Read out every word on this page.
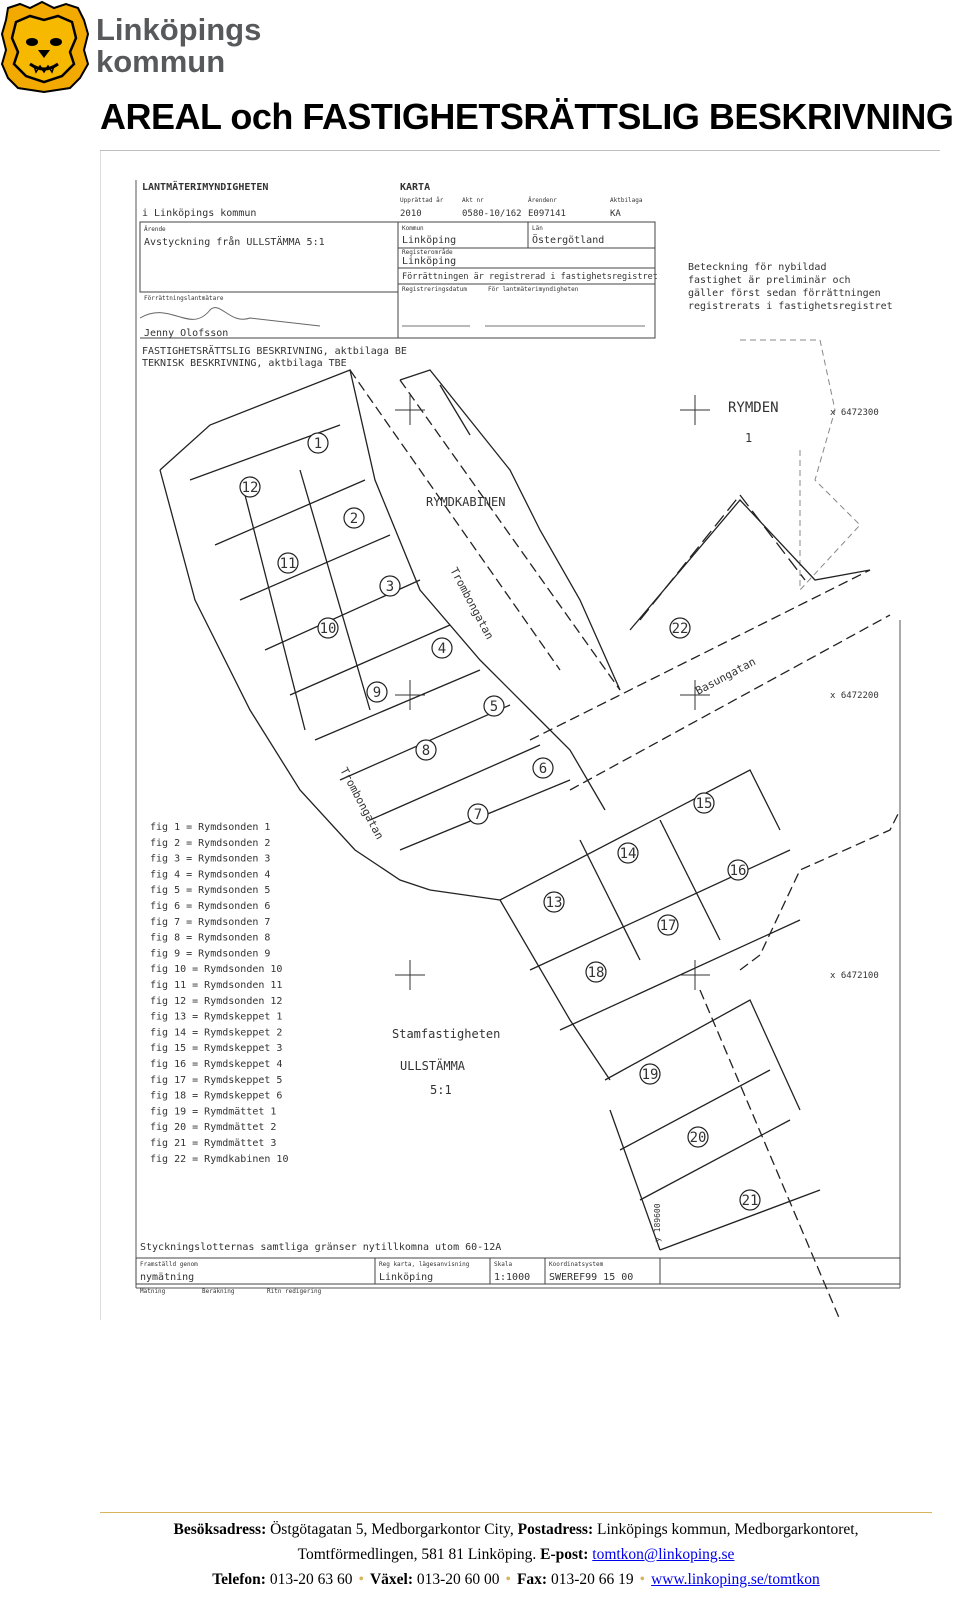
Linköpings
kommun
AREAL och FASTIGHETSRÄTTSLIG BESKRIVNING
LANTMÄTERIMYNDIGHETEN
i Linköpings kommun
Ärende
Avstyckning från ULLSTÄMMA 5:1
Förrättningslantmätare
Jenny Olofsson
KARTA
Upprättad år	Akt nr	Ärendenr	Aktbilaga
2010	0580-10/162 E097141	KA
Kommun
Linköping
Län
Östergötland
Registerområde
Linköping
Förrättningen är registrerad i fastighetsregistret
Registreringsdatum	För lantmäterimyndigheten
Beteckning för nybildad
fastighet är preliminär och
gäller först sedan förrättningen
registrerats i fastighetsregistret
FASTIGHETSRÄTTSLIG BESKRIVNING, aktbilaga BE
TEKNISK BESKRIVNING, aktbilaga TBE
1
2
3
4
5
6
7
8
9
10
11
12
13
14
15
16
17
18
19
20
21
22
RYMDEN
1
RYMDKABINEN
Trombongatan
Trombongatan
Basungatan
Stamfastigheten
ULLSTÄMMA
5:1
x 6472300
x 6472200
x 6472100
y 189600
fig 1 = Rymdsonden 1
fig 2 = Rymdsonden 2
fig 3 = Rymdsonden 3
fig 4 = Rymdsonden 4
fig 5 = Rymdsonden 5
fig 6 = Rymdsonden 6
fig 7 = Rymdsonden 7
fig 8 = Rymdsonden 8
fig 9 = Rymdsonden 9
fig 10 = Rymdsonden 10
fig 11 = Rymdsonden 11
fig 12 = Rymdsonden 12
fig 13 = Rymdskeppet 1
fig 14 = Rymdskeppet 2
fig 15 = Rymdskeppet 3
fig 16 = Rymdskeppet 4
fig 17 = Rymdskeppet 5
fig 18 = Rymdskeppet 6
fig 19 = Rymdmättet 1
fig 20 = Rymdmättet 2
fig 21 = Rymdmättet 3
fig 22 = Rymdkabinen 10
Styckningslotternas samtliga gränser nytillkomna utom 60-12A
Framställd genom	Reg karta, lägesanvisning	Skala	Koordinatsystem
nymätning	Linköping	1:1000 SWEREF99 15 00
Mätning	Beräkning	Ritn redigering
Besöksadress: Östgötagatan 5, Medborgarkontor City, Postadress: Linköpings kommun, Medborgarkontoret,
Tomtförmedlingen, 581 81 Linköping. E-post: tomtkon@linkoping.se
Telefon: 013-20 63 60 • Växel: 013-20 60 00 • Fax: 013-20 66 19 • www.linkoping.se/tomtkon
